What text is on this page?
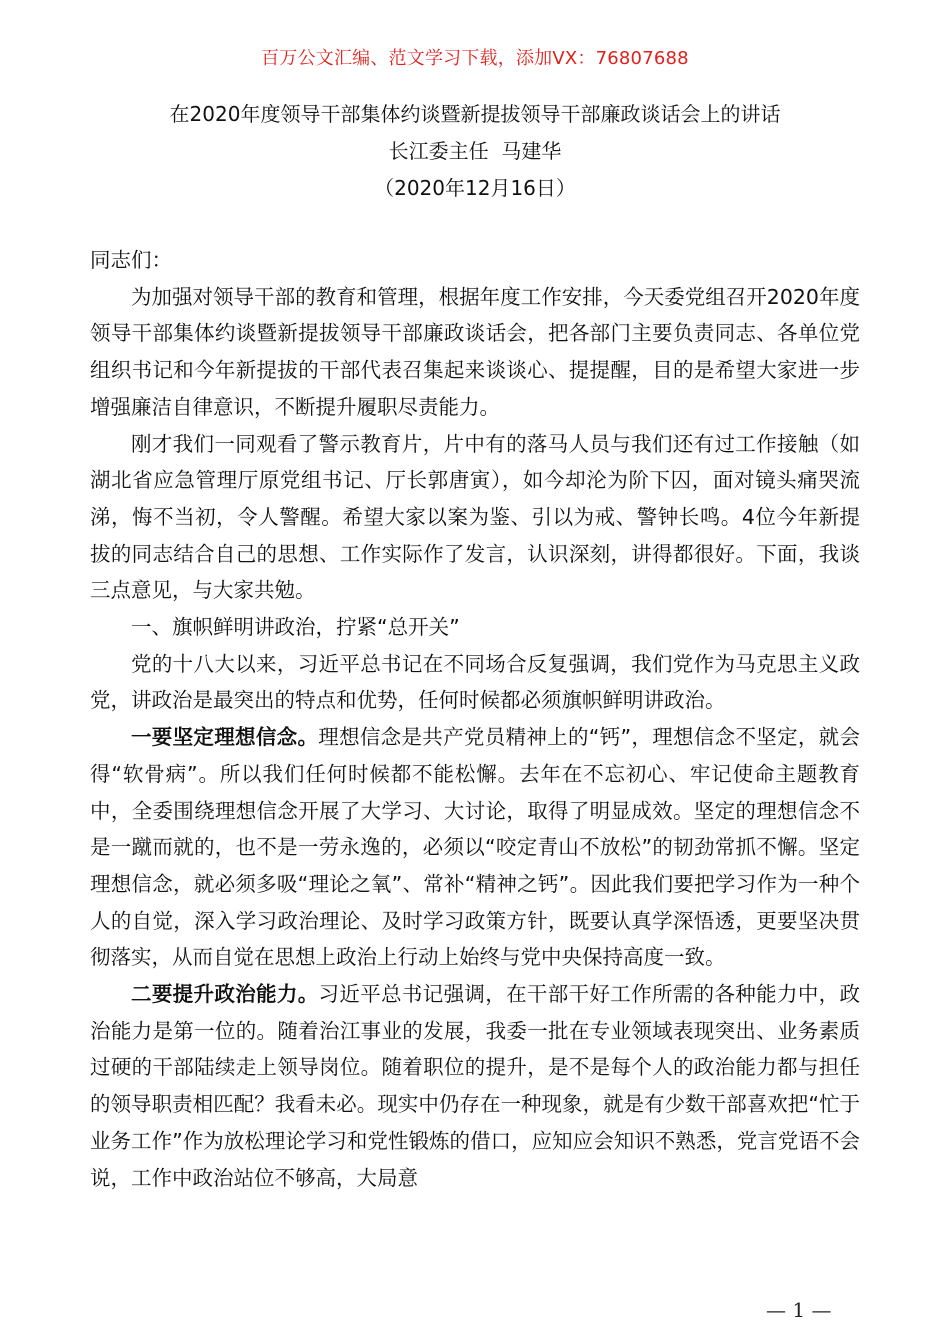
百万公文汇编、范文学习下载，添加VX：76807688
在2020年度领导干部集体约谈暨新提拔领导干部廉政谈话会上的讲话
长江委主任  马建华
（2020年12月16日）

同志们：

为加强对领导干部的教育和管理，根据年度工作安排，今天委党组召开2020年度领导干部集体约谈暨新提拔领导干部廉政谈话会，把各部门主要负责同志、各单位党组织书记和今年新提拔的干部代表召集起来谈谈心、提提醒，目的是希望大家进一步增强廉洁自律意识，不断提升履职尽责能力。

刚才我们一同观看了警示教育片，片中有的落马人员与我们还有过工作接触（如湖北省应急管理厅原党组书记、厅长郭唐寅），如今却沦为阶下囚，面对镜头痛哭流涕，悔不当初，令人警醒。希望大家以案为鉴、引以为戒、警钟长鸣。4位今年新提拔的同志结合自己的思想、工作实际作了发言，认识深刻，讲得都很好。下面，我谈三点意见，与大家共勉。

一、旗帜鲜明讲政治，拧紧“总开关”

党的十八大以来，习近平总书记在不同场合反复强调，我们党作为马克思主义政党，讲政治是最突出的特点和优势，任何时候都必须旗帜鲜明讲政治。

一要坚定理想信念。理想信念是共产党员精神上的“钙”，理想信念不坚定，就会得“软骨病”。所以我们任何时候都不能松懈。去年在不忘初心、牢记使命主题教育中，全委围绕理想信念开展了大学习、大讨论，取得了明显成效。坚定的理想信念不是一蹴而就的，也不是一劳永逸的，必须以“咬定青山不放松”的韧劲常抓不懈。坚定理想信念，就必须多吸“理论之氧”、常补“精神之钙”。因此我们要把学习作为一种个人的自觉，深入学习政治理论、及时学习政策方针，既要认真学深悟透，更要坚决贯彻落实，从而自觉在思想上政治上行动上始终与党中央保持高度一致。

二要提升政治能力。习近平总书记强调，在干部干好工作所需的各种能力中，政治能力是第一位的。随着治江事业的发展，我委一批在专业领域表现突出、业务素质过硬的干部陆续走上领导岗位。随着职位的提升，是不是每个人的政治能力都与担任的领导职责相匹配？我看未必。现实中仍存在一种现象，就是有少数干部喜欢把“忙于业务工作”作为放松理论学习和党性锻炼的借口，应知应会知识不熟悉，党言党语不会说，工作中政治站位不够高，大局意

— 1 —
